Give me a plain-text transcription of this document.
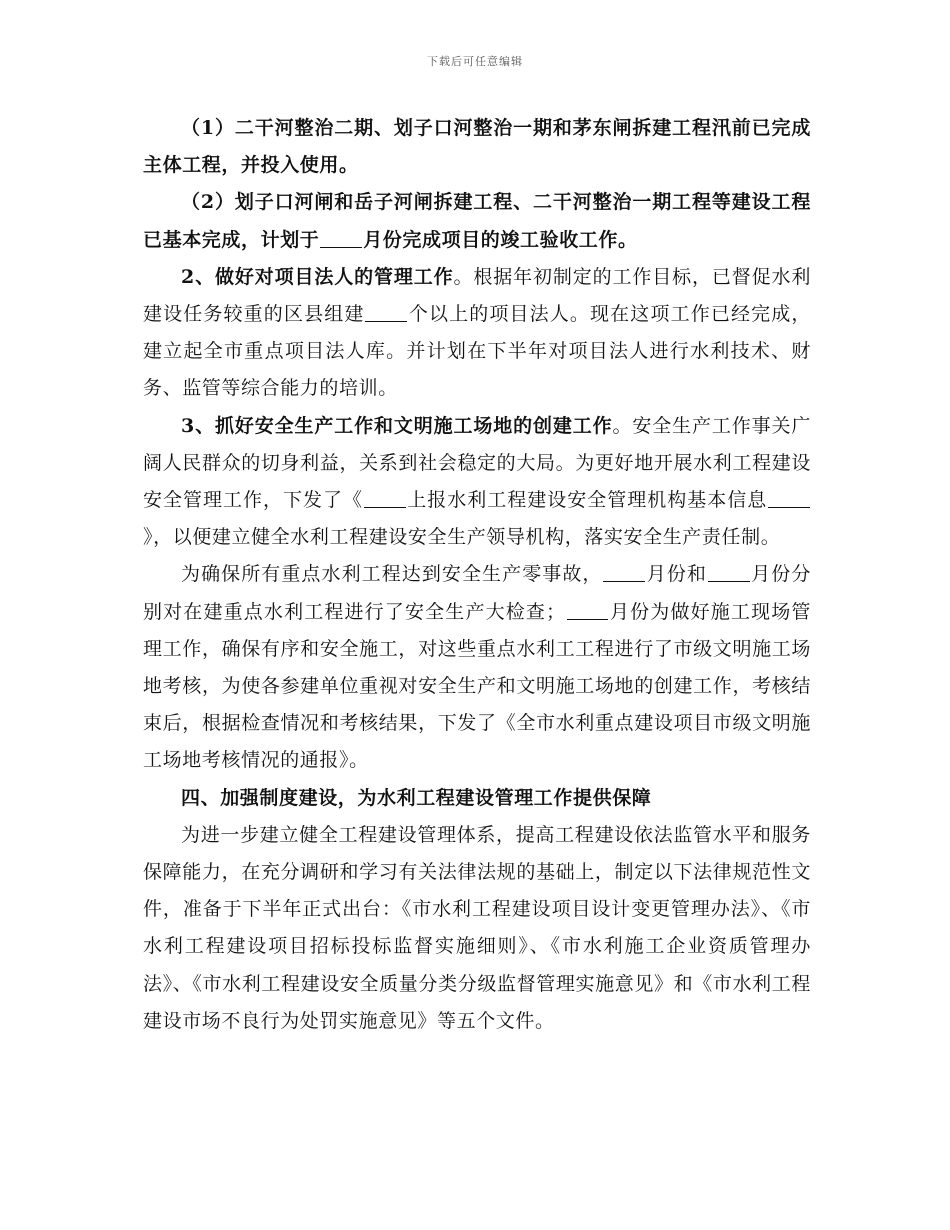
下载后可任意编辑

（1）二干河整治二期、划子口河整治一期和茅东闸拆建工程汛前已完成主体工程，并投入使用。

（2）划子口河闸和岳子河闸拆建工程、二干河整治一期工程等建设工程已基本完成，计划于 月份完成项目的竣工验收工作。

2、做好对项目法人的管理工作。根据年初制定的工作目标，已督促水利建设任务较重的区县组建 个以上的项目法人。现在这项工作已经完成，建立起全市重点项目法人库。并计划在下半年对项目法人进行水利技术、财务、监管等综合能力的培训。

3、抓好安全生产工作和文明施工场地的创建工作。安全生产工作事关广阔人民群众的切身利益，关系到社会稳定的大局。为更好地开展水利工程建设安全管理工作，下发了《 上报水利工程建设安全管理机构基本信息》，以便建立健全水利工程建设安全生产领导机构，落实安全生产责任制。

为确保所有重点水利工程达到安全生产零事故， 月份和 月份分别对在建重点水利工程进行了安全生产大检查； 月份为做好施工现场管理工作，确保有序和安全施工，对这些重点水利工工程进行了市级文明施工场地考核，为使各参建单位重视对安全生产和文明施工场地的创建工作，考核结束后，根据检查情况和考核结果，下发了《全市水利重点建设项目市级文明施工场地考核情况的通报》。

四、加强制度建设，为水利工程建设管理工作提供保障

为进一步建立健全工程建设管理体系，提高工程建设依法监管水平和服务保障能力，在充分调研和学习有关法律法规的基础上，制定以下法律规范性文件，准备于下半年正式出台：《市水利工程建设项目设计变更管理办法》、《市水利工程建设项目招标投标监督实施细则》、《市水利施工企业资质管理办法》、《市水利工程建设安全质量分类分级监督管理实施意见》和《市水利工程建设市场不良行为处罚实施意见》等五个文件。
